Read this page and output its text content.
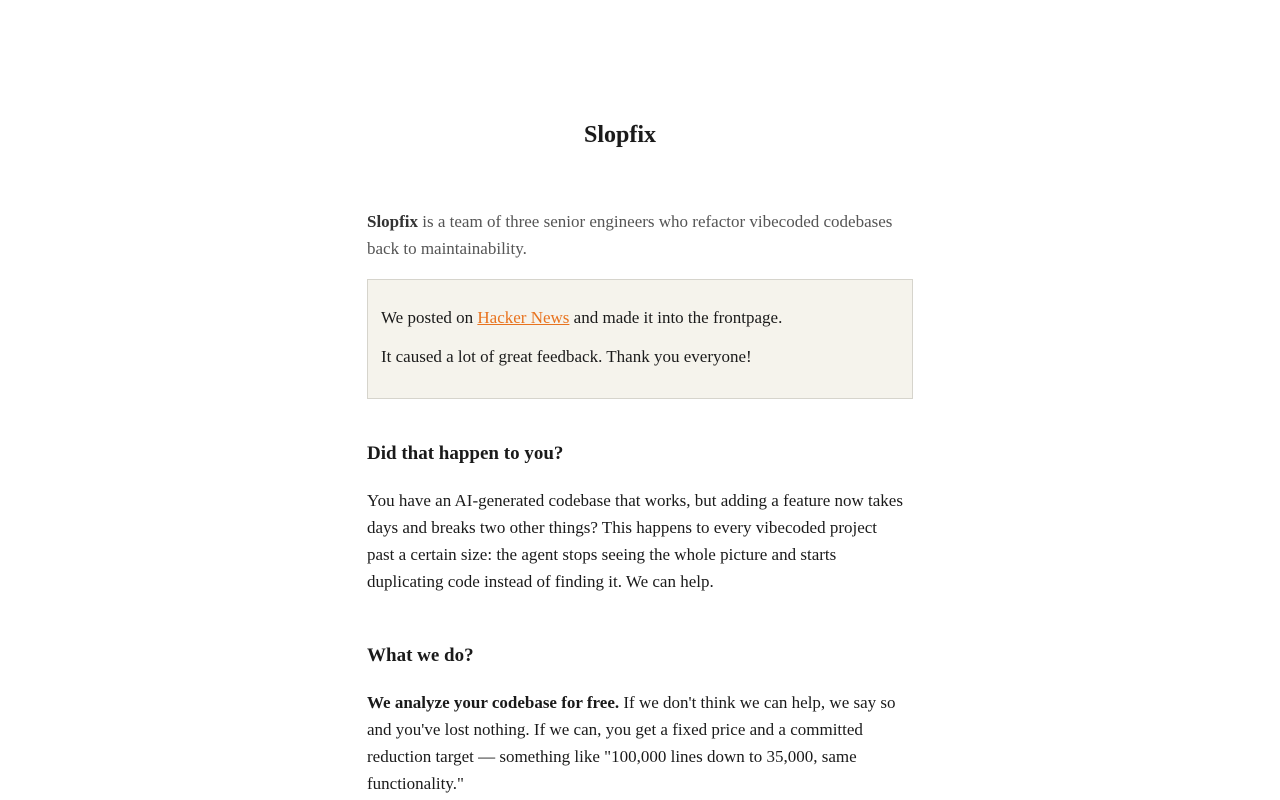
Slopfix

Slopfix is a team of three senior engineers who refactor vibecoded codebases back to maintainability.

We posted on Hacker News and made it into the frontpage.

It caused a lot of great feedback. Thank you everyone!

Did that happen to you?

You have an AI-generated codebase that works, but adding a feature now takes days and breaks two other things? This happens to every vibecoded project past a certain size: the agent stops seeing the whole picture and starts duplicating code instead of finding it. We can help.

What we do?

We analyze your codebase for free. If we don't think we can help, we say so and you've lost nothing. If we can, you get a fixed price and a committed reduction target — something like "100,000 lines down to 35,000, same functionality."
